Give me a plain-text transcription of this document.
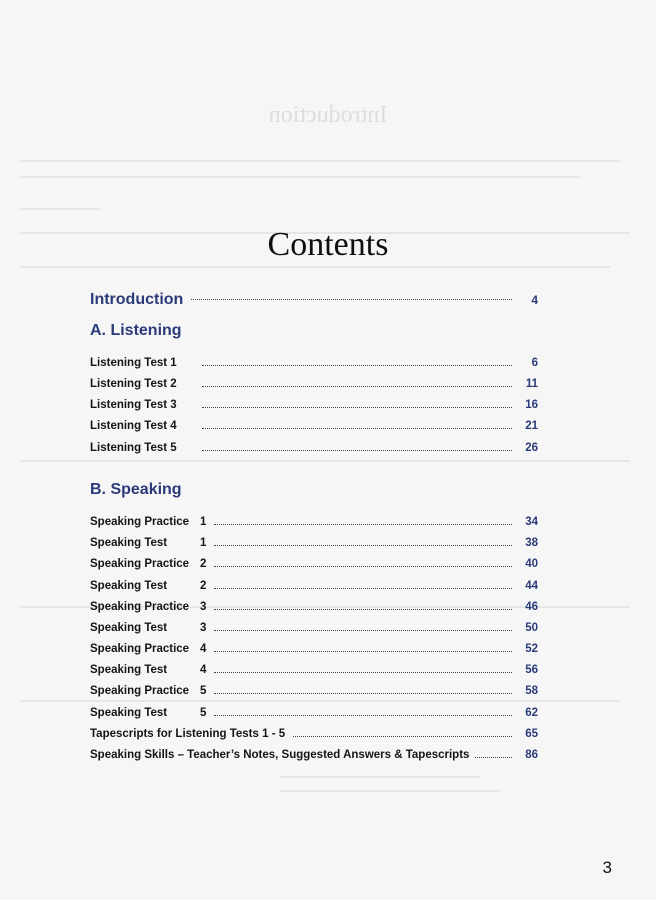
Introduction
Contents
Introduction	4
A. Listening
Listening Test 1	6
Listening Test 2	11
Listening Test 3	16
Listening Test 4	21
Listening Test 5	26
B. Speaking
Speaking Practice 1	34
Speaking Test	1	38
Speaking Practice 2	40
Speaking Test	2	44
Speaking Practice 3	46
Speaking Test	3	50
Speaking Practice 4	52
Speaking Test	4	56
Speaking Practice 5	58
Speaking Test	5	62
Tapescripts for Listening Tests 1 - 5	65
Speaking Skills – Teacher’s Notes, Suggested Answers & Tapescripts	86
3
